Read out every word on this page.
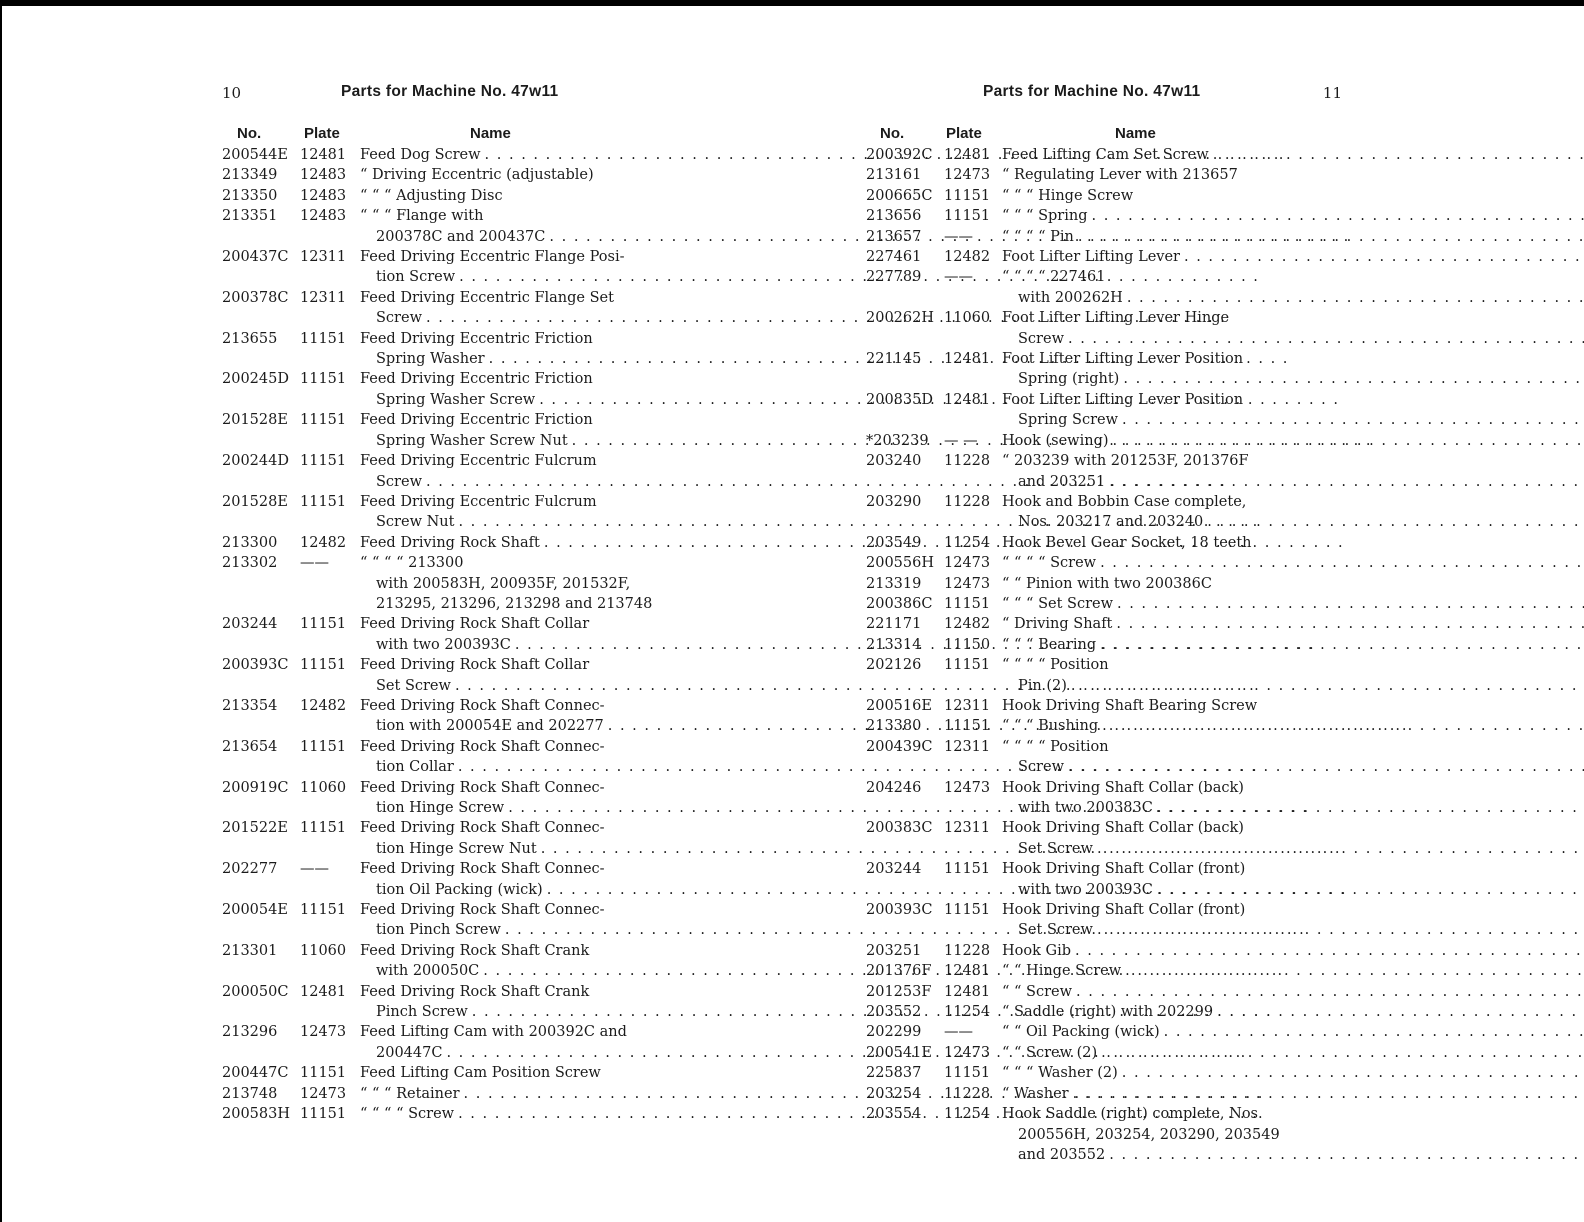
10	Parts for Machine No. 47w11
No.	Plate	Name
200544E 12481 Feed Dog Screw
. . .
213349	12483 “ Driving Eccentric (adjustable)
213350	12483 “ “ “ Adjusting Disc
213351	12483 “ “ “ Flange with
200378C and 200437C
. . .
200437C 12311 Feed Driving Eccentric Flange Posi-
tion Screw
. . .
200378C 12311 Feed Driving Eccentric Flange Set
Screw
. . .
213655	11151 Feed Driving Eccentric Friction
Spring Washer
. . .
200245D 11151 Feed Driving Eccentric Friction
Spring Washer Screw
. . .
201528E 11151 Feed Driving Eccentric Friction
Spring Washer Screw Nut
. . .
200244D 11151 Feed Driving Eccentric Fulcrum
Screw
. . .
201528E 11151 Feed Driving Eccentric Fulcrum
Screw Nut
. . .
213300	12482 Feed Driving Rock Shaft
. . .
213302	——	“ “ “ “ 213300
with 200583H, 200935F, 201532F,
213295, 213296, 213298 and 213748
203244	11151 Feed Driving Rock Shaft Collar
with two 200393C
. . .
200393C 11151 Feed Driving Rock Shaft Collar
Set Screw
. . .
213354	12482 Feed Driving Rock Shaft Connec-
tion with 200054E and 202277
. . .
213654	11151 Feed Driving Rock Shaft Connec-
tion Collar
. . .
200919C 11060 Feed Driving Rock Shaft Connec-
tion Hinge Screw
. . .
201522E 11151 Feed Driving Rock Shaft Connec-
tion Hinge Screw Nut
. . .
202277	——	Feed Driving Rock Shaft Connec-
tion Oil Packing (wick)
. . .
200054E 11151 Feed Driving Rock Shaft Connec-
tion Pinch Screw
. . .
213301	11060 Feed Driving Rock Shaft Crank
with 200050C
. . .
200050C 12481 Feed Driving Rock Shaft Crank
Pinch Screw
. . .
213296	12473 Feed Lifting Cam with 200392C and
200447C
. . .
200447C 11151 Feed Lifting Cam Position Screw
213748	12473 “ “ “ Retainer
. . .
200583H 11151 “ “ “ “ Screw
. . .
Parts for Machine No. 47w11	11
No.	Plate	Name
200392C 12481 Feed Lifting Cam Set Screw
. . .
213161	12473 “ Regulating Lever with 213657
200665C 11151 “ “ “ Hinge Screw
213656	11151 “ “ “ Spring
. . .
213657	——	“ “ “ “ Pin
. . .
227461	12482 Foot Lifter Lifting Lever
. . .
227789	——	“ “ “ “ 227461
with 200262H
. . .
200262H 11060 Foot Lifter Lifting Lever Hinge
Screw
. . .
221145	12481 Foot Lifter Lifting Lever Position
Spring (right)
. . .
200835D 12481 Foot Lifter Lifting Lever Position
Spring Screw
. . .
*203239	— —	Hook (sewing)
. . .
203240	11228 “ 203239 with 201253F, 201376F
and 203251
. . .
203290	11228 Hook and Bobbin Case complete,
Nos. 203217 and 203240
. . .
203549	11254 Hook Bevel Gear Socket, 18 teeth
200556H 12473 “ “ “ “ Screw
. . .
213319	12473 “ “ Pinion with two 200386C
200386C 11151 “ “ “ Set Screw
. . .
221171	12482 “ Driving Shaft
. . .
213314	11150 “ “ “ Bearing
. . .
202126	11151 “ “ “ “ Position
Pin (2)
. . .
200516E 12311 Hook Driving Shaft Bearing Screw
213380	11151 “ “ “ Bushing
. . .
200439C 12311 “ “ “ “ Position
Screw
. . .
204246	12473 Hook Driving Shaft Collar (back)
with two 200383C
. . .
200383C 12311 Hook Driving Shaft Collar (back)
Set Screw
. . .
203244	11151 Hook Driving Shaft Collar (front)
with two 200393C
. . .
200393C 11151 Hook Driving Shaft Collar (front)
Set Screw
. . .
203251	11228 Hook Gib
. . .
201376F 12481 “ “ Hinge Screw
. . .
201253F 12481 “ “ Screw
. . .
203552	11254 “ Saddle (right) with 202299
. . .
202299	——	“ “ Oil Packing (wick)
. . .
200541E 12473 “ “ Screw (2)
. . .
225837	11151 “ “ “ Washer (2)
. . .
203254	11228 “ Washer
. . .
203554	11254 Hook Saddle (right) complete, Nos.
200556H, 203254, 203290, 203549
and 203552
. . .
